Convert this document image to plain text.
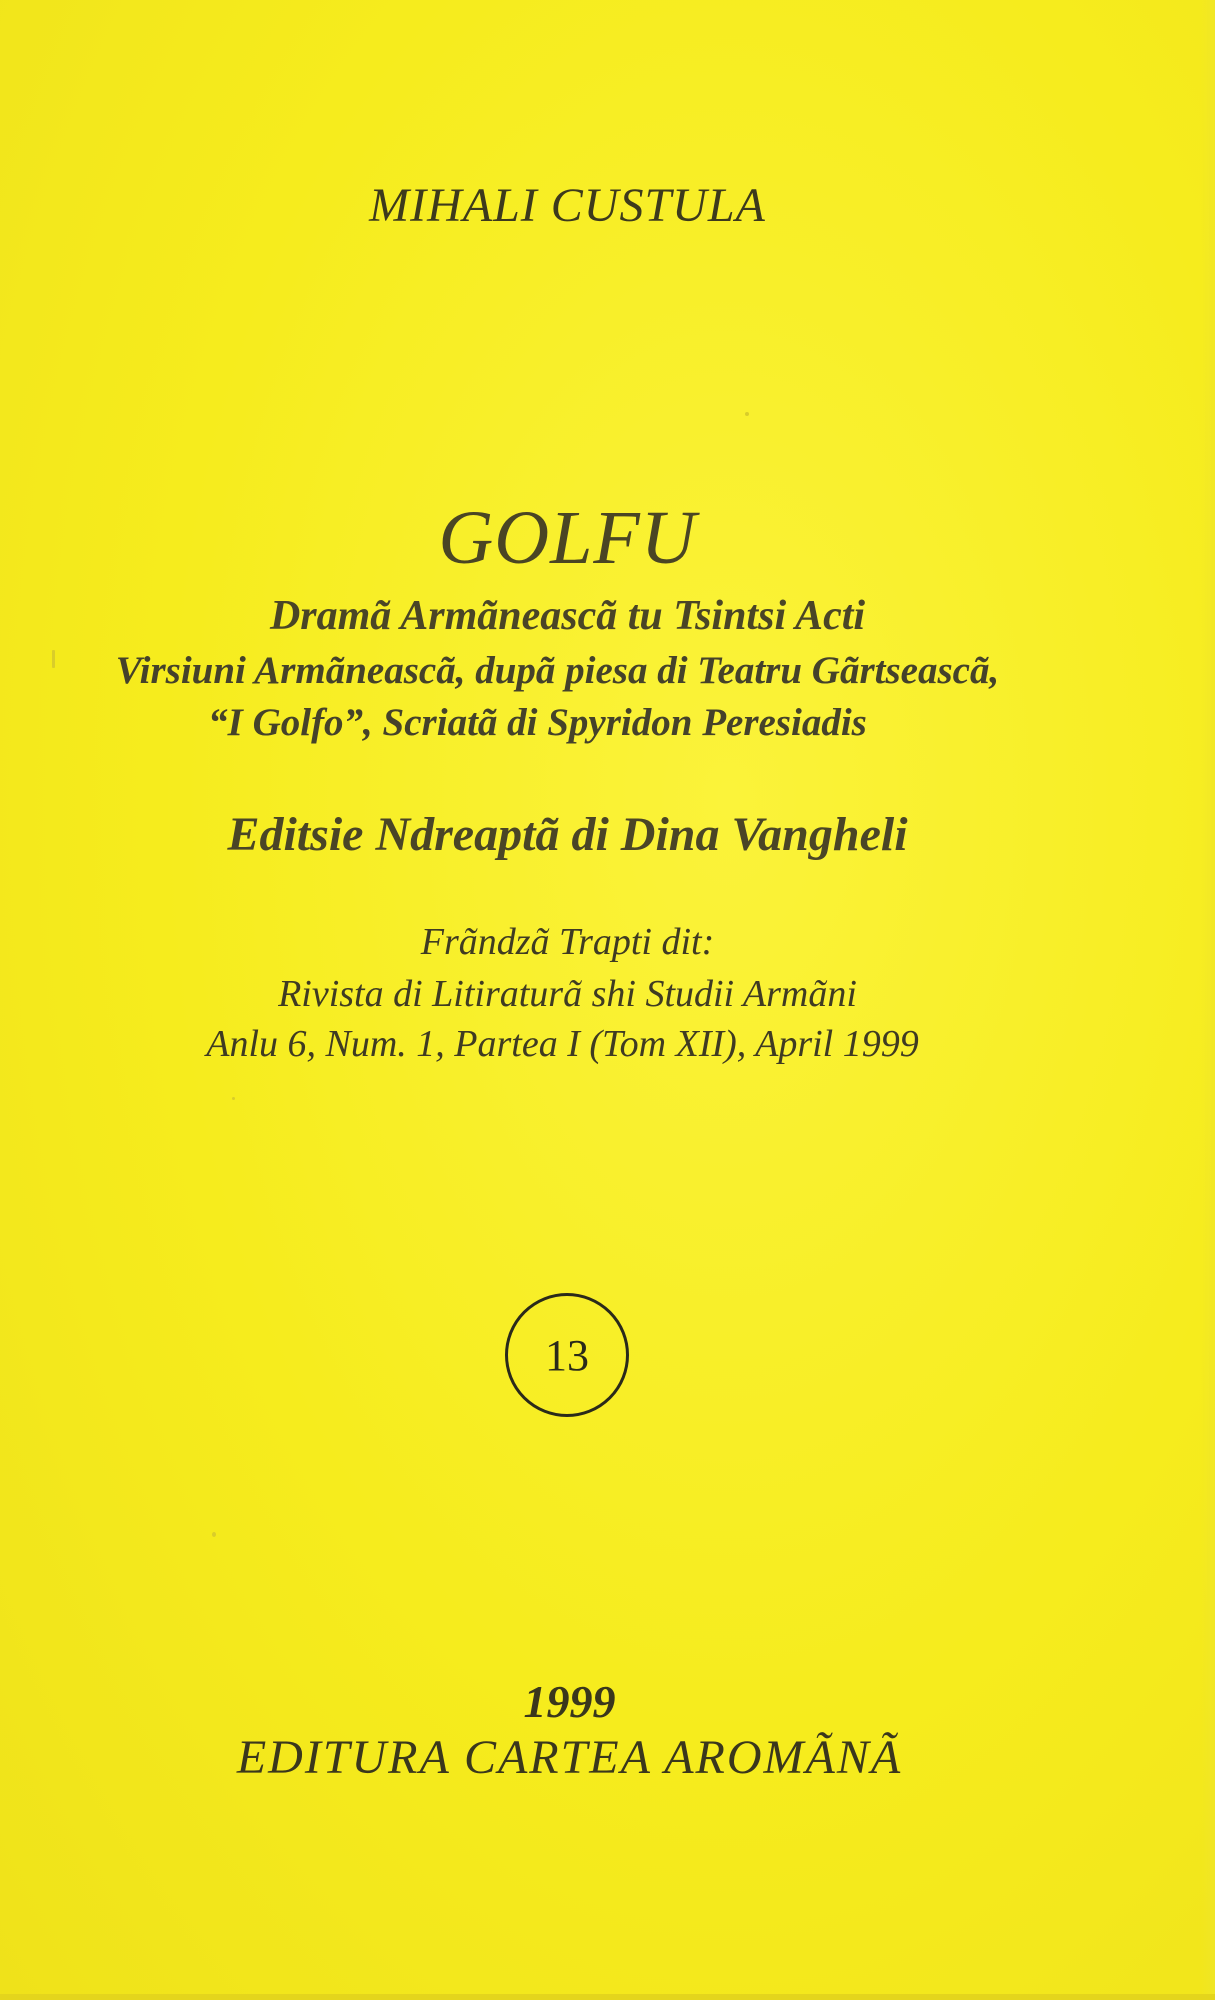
MIHALI CUSTULA
GOLFU
Dramã Armãneascã tu Tsintsi Acti
Virsiuni Armãneascã, dupã piesa di Teatru Gãrtseascã,
“I Golfo”, Scriatã di Spyridon Peresiadis
Editsie Ndreaptã di Dina Vangheli
Frãndzã Trapti dit:
Rivista di Litiraturã shi Studii Armãni
Anlu 6, Num. 1, Partea I (Tom XII), April 1999
13
1999
EDITURA CARTEA AROMÃNÃ
